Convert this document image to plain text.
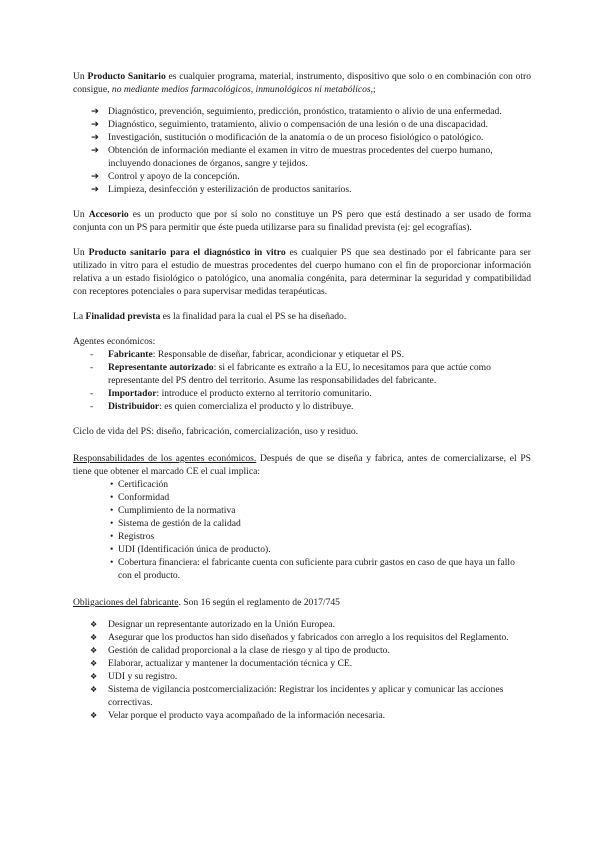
Un Producto Sanitario es cualquier programa, material, instrumento, dispositivo que solo o en combinación con otro consigue, no mediante medios farmacológicos, inmunológicos ni metabólicos,;

➔ Diagnóstico, prevención, seguimiento, predicción, pronóstico, tratamiento o alivio de una enfermedad.
➔ Diagnóstico, seguimiento, tratamiento, alivio o compensación de una lesión o de una discapacidad.
➔ Investigación, sustitución o modificación de la anatomía o de un proceso fisiológico o patológico.
➔ Obtención de información mediante el examen in vitro de muestras procedentes del cuerpo humano, incluyendo donaciones de órganos, sangre y tejidos.
➔ Control y apoyo de la concepción.
➔ Limpieza, desinfección y esterilización de productos sanitarios.

Un Accesorio es un producto que por sí solo no constituye un PS pero que está destinado a ser usado de forma conjunta con un PS para permitir que éste pueda utilizarse para su finalidad prevista (ej: gel ecografías).

Un Producto sanitario para el diagnóstico in vitro es cualquier PS que sea destinado por el fabricante para ser utilizado in vitro para el estudio de muestras procedentes del cuerpo humano con el fin de proporcionar información relativa a un estado fisiológico o patológico, una anomalía congénita, para determinar la seguridad y compatibilidad con receptores potenciales o para supervisar medidas terapéuticas.

La Finalidad prevista es la finalidad para la cual el PS se ha diseñado.

Agentes económicos:

- Fabricante: Responsable de diseñar, fabricar, acondicionar y etiquetar el PS.
- Representante autorizado: si el fabricante es extraño a la EU, lo necesitamos para que actúe como representante del PS dentro del territorio. Asume las responsabilidades del fabricante.
- Importador: introduce el producto externo al territorio comunitario.
- Distribuidor: es quien comercializa el producto y lo distribuye.

Ciclo de vida del PS: diseño, fabricación, comercialización, uso y residuo.

Responsabilidades de los agentes económicos. Después de que se diseña y fabrica, antes de comercializarse, el PS tiene que obtener el marcado CE el cual implica:

• Certificación
• Conformidad
• Cumplimiento de la normativa
• Sistema de gestión de la calidad
• Registros
• UDI (Identificación única de producto).
• Cobertura financiera: el fabricante cuenta con suficiente para cubrir gastos en caso de que haya un fallo con el producto.

Obligaciones del fabricante. Son 16 según el reglamento de 2017/745

❖ Designar un representante autorizado en la Unión Europea.
❖ Asegurar que los productos han sido diseñados y fabricados con arreglo a los requisitos del Reglamento.
❖ Gestión de calidad proporcional a la clase de riesgo y al tipo de producto.
❖ Elaborar, actualizar y mantener la documentación técnica y CE.
❖ UDI y su registro.
❖ Sistema de vigilancia postcomercialización: Registrar los incidentes y aplicar y comunicar las acciones correctivas.
❖ Velar porque el producto vaya acompañado de la información necesaria.
